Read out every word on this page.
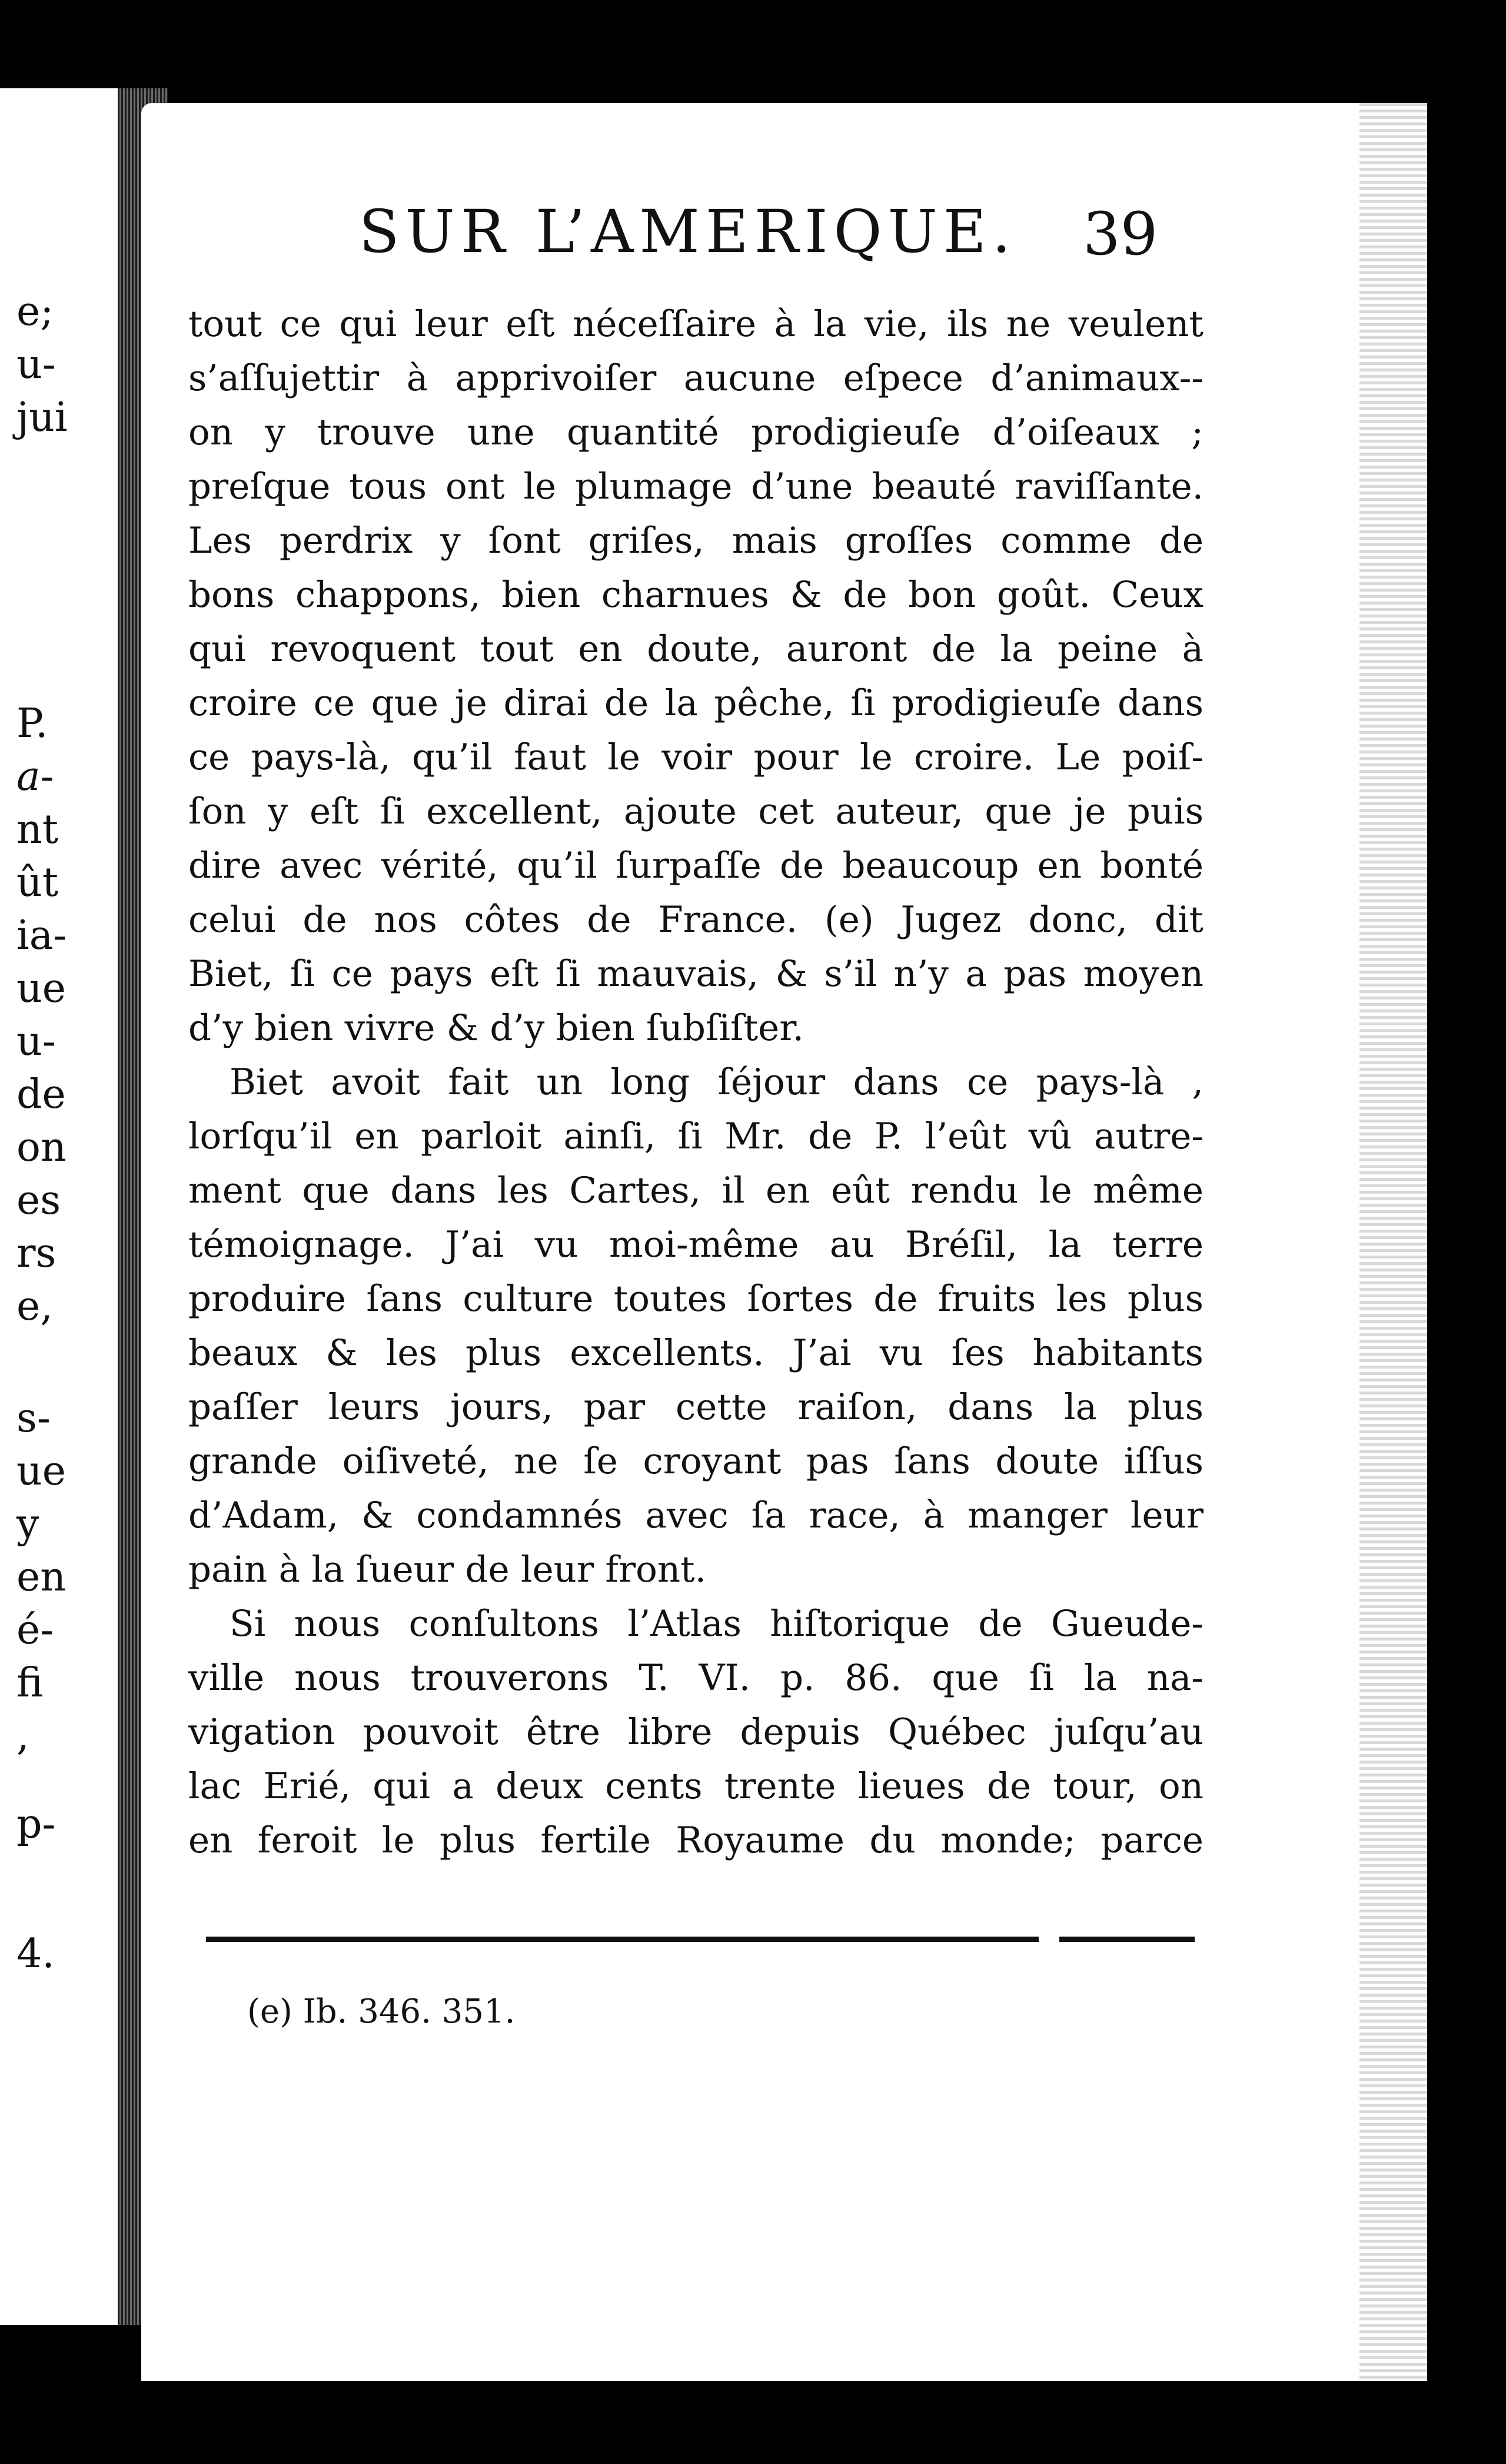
e;
u-
jui
P.
a-
nt
ût
ia-
ue
u-
de
on
es
rs
e,
s-
ue
y
en
é-
fi
,
p-
4.
SUR L’AMERIQUE. 39
tout ce qui leur eſt néceſſaire à la vie, ils ne veulent
s’aſſujettir à apprivoiſer aucune eſpece d’animaux--
on y trouve une quantité prodigieuſe d’oiſeaux ;
preſque tous ont le plumage d’une beauté raviſſante.
Les perdrix y ſont griſes, mais groſſes comme de
bons chappons, bien charnues & de bon goût. Ceux
qui revoquent tout en doute, auront de la peine à
croire ce que je dirai de la pêche, ſi prodigieuſe dans
ce pays-là, qu’il faut le voir pour le croire. Le poiſ-
ſon y eſt ſi excellent, ajoute cet auteur, que je puis
dire avec vérité, qu’il ſurpaſſe de beaucoup en bonté
celui de nos côtes de France. (e) Jugez donc, dit
Biet, ſi ce pays eſt ſi mauvais, & s’il n’y a pas moyen
d’y bien vivre & d’y bien ſubſiſter.
Biet avoit fait un long ſéjour dans ce pays-là ,
lorſqu’il en parloit ainſi, ſi Mr. de P. l’eût vû autre-
ment que dans les Cartes, il en eût rendu le même
témoignage. J’ai vu moi-même au Bréſil, la terre
produire ſans culture toutes ſortes de fruits les plus
beaux & les plus excellents. J’ai vu ſes habitants
paſſer leurs jours, par cette raiſon, dans la plus
grande oiſiveté, ne ſe croyant pas ſans doute iſſus
d’Adam, & condamnés avec ſa race, à manger leur
pain à la ſueur de leur front.
Si nous conſultons l’Atlas hiſtorique de Gueude-
ville nous trouverons T. VI. p. 86. que ſi la na-
vigation pouvoit être libre depuis Québec juſqu’au
lac Erié, qui a deux cents trente lieues de tour, on
en feroit le plus fertile Royaume du monde; parce
(e) Ib. 346. 351.
